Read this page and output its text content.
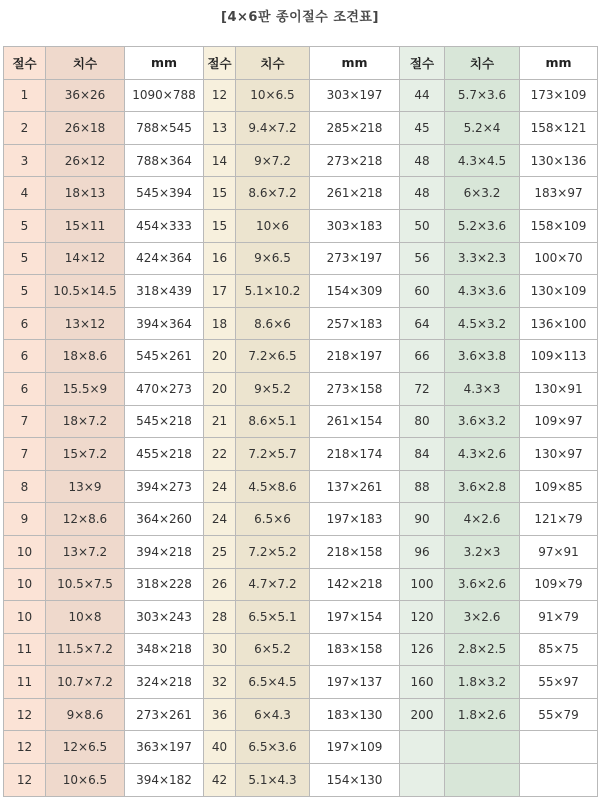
[4×6판 종이절수 조견표]
절수	치수	mm	절수	치수	mm	절수	치수	mm
1	36×26	1090×788	12	10×6.5	303×197	44	5.7×3.6	173×109
2	26×18	788×545	13	9.4×7.2	285×218	45	5.2×4	158×121
3	26×12	788×364	14	9×7.2	273×218	48	4.3×4.5	130×136
4	18×13	545×394	15	8.6×7.2	261×218	48	6×3.2	183×97
5	15×11	454×333	15	10×6	303×183	50	5.2×3.6	158×109
5	14×12	424×364	16	9×6.5	273×197	56	3.3×2.3	100×70
5	10.5×14.5	318×439	17	5.1×10.2	154×309	60	4.3×3.6	130×109
6	13×12	394×364	18	8.6×6	257×183	64	4.5×3.2	136×100
6	18×8.6	545×261	20	7.2×6.5	218×197	66	3.6×3.8	109×113
6	15.5×9	470×273	20	9×5.2	273×158	72	4.3×3	130×91
7	18×7.2	545×218	21	8.6×5.1	261×154	80	3.6×3.2	109×97
7	15×7.2	455×218	22	7.2×5.7	218×174	84	4.3×2.6	130×97
8	13×9	394×273	24	4.5×8.6	137×261	88	3.6×2.8	109×85
9	12×8.6	364×260	24	6.5×6	197×183	90	4×2.6	121×79
10	13×7.2	394×218	25	7.2×5.2	218×158	96	3.2×3	97×91
10	10.5×7.5	318×228	26	4.7×7.2	142×218	100	3.6×2.6	109×79
10	10×8	303×243	28	6.5×5.1	197×154	120	3×2.6	91×79
11	11.5×7.2	348×218	30	6×5.2	183×158	126	2.8×2.5	85×75
11	10.7×7.2	324×218	32	6.5×4.5	197×137	160	1.8×3.2	55×97
12	9×8.6	273×261	36	6×4.3	183×130	200	1.8×2.6	55×79
12	12×6.5	363×197	40	6.5×3.6	197×109			
12	10×6.5	394×182	42	5.1×4.3	154×130			
